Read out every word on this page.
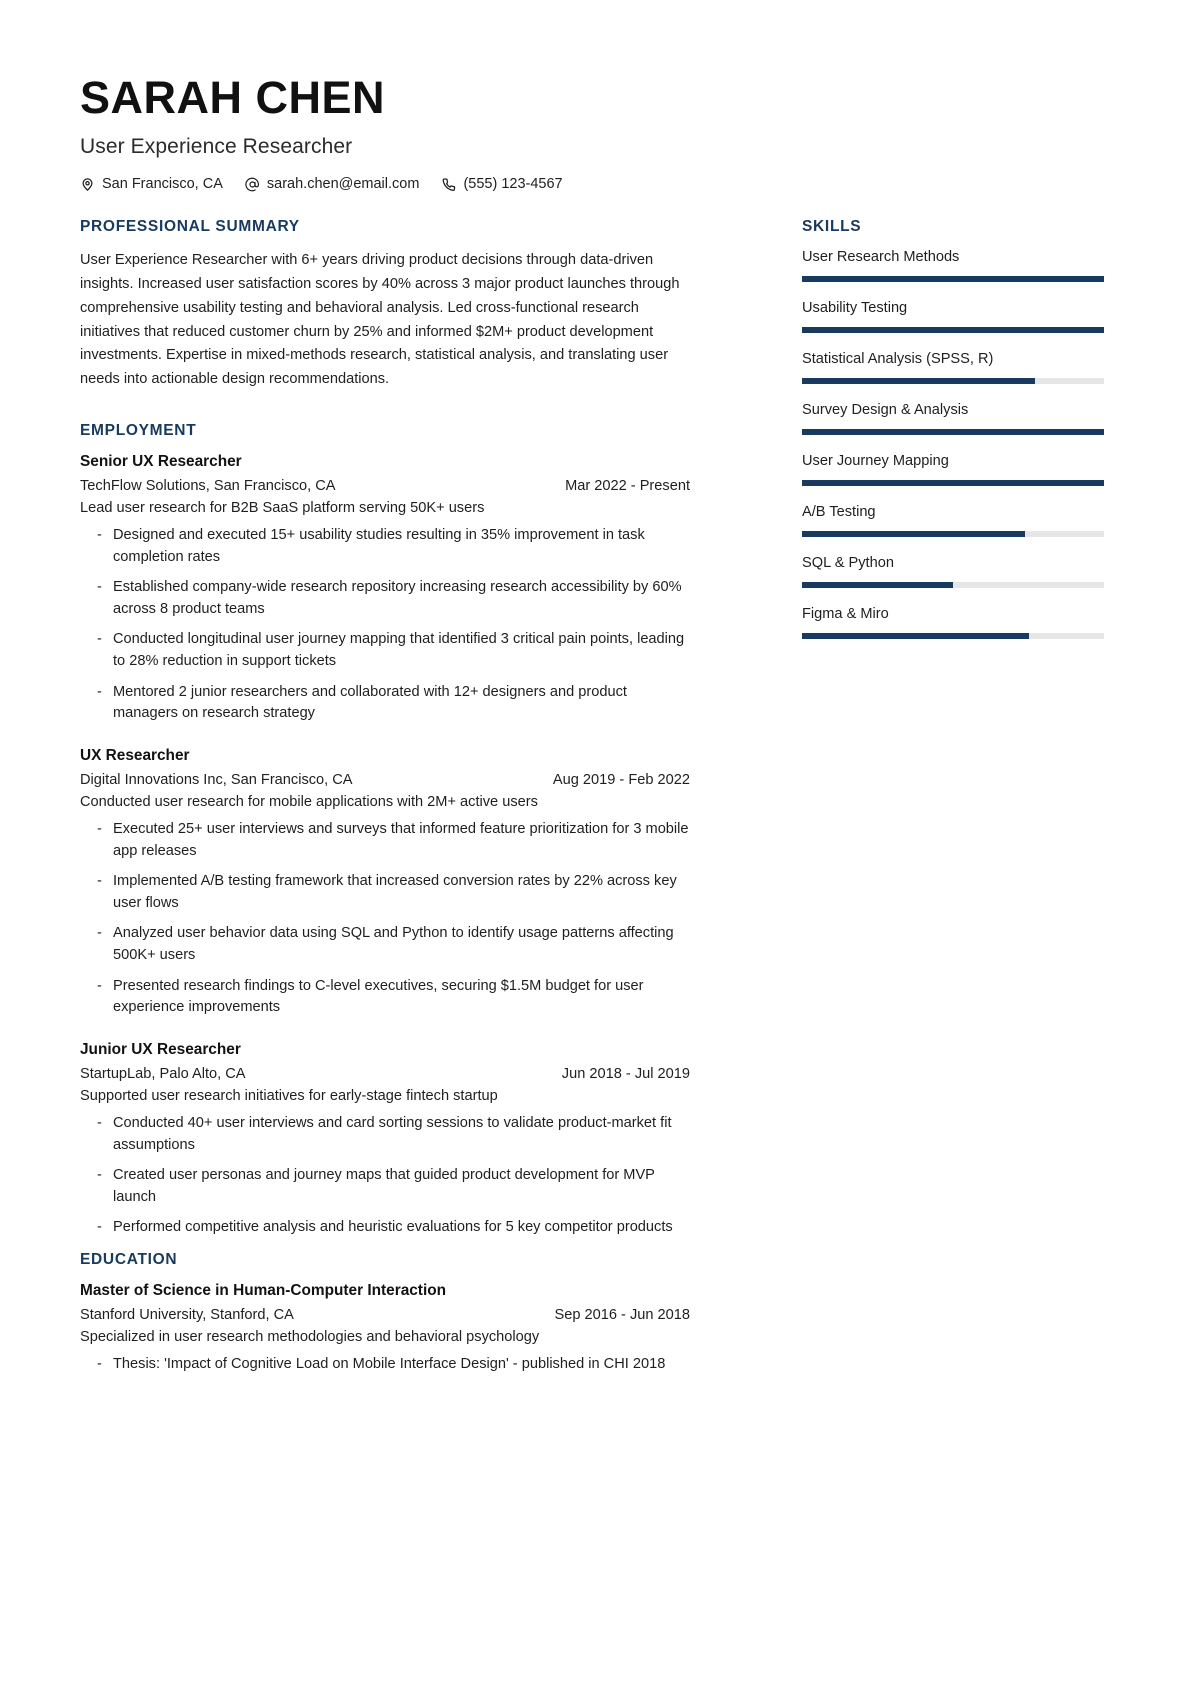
SARAH CHEN
User Experience Researcher
San Francisco, CA	sarah.chen@email.com	(555) 123-4567
PROFESSIONAL SUMMARY
User Experience Researcher with 6+ years driving product decisions through data-driven insights. Increased user satisfaction scores by 40% across 3 major product launches through comprehensive usability testing and behavioral analysis. Led cross-functional research initiatives that reduced customer churn by 25% and informed $2M+ product development investments. Expertise in mixed-methods research, statistical analysis, and translating user needs into actionable design recommendations.
EMPLOYMENT
Senior UX Researcher
TechFlow Solutions, San Francisco, CA	Mar 2022 - Present
Lead user research for B2B SaaS platform serving 50K+ users
- Designed and executed 15+ usability studies resulting in 35% improvement in task completion rates
- Established company-wide research repository increasing research accessibility by 60% across 8 product teams
- Conducted longitudinal user journey mapping that identified 3 critical pain points, leading to 28% reduction in support tickets
- Mentored 2 junior researchers and collaborated with 12+ designers and product managers on research strategy
UX Researcher
Digital Innovations Inc, San Francisco, CA	Aug 2019 - Feb 2022
Conducted user research for mobile applications with 2M+ active users
- Executed 25+ user interviews and surveys that informed feature prioritization for 3 mobile app releases
- Implemented A/B testing framework that increased conversion rates by 22% across key user flows
- Analyzed user behavior data using SQL and Python to identify usage patterns affecting 500K+ users
- Presented research findings to C-level executives, securing $1.5M budget for user experience improvements
Junior UX Researcher
StartupLab, Palo Alto, CA	Jun 2018 - Jul 2019
Supported user research initiatives for early-stage fintech startup
- Conducted 40+ user interviews and card sorting sessions to validate product-market fit assumptions
- Created user personas and journey maps that guided product development for MVP launch
- Performed competitive analysis and heuristic evaluations for 5 key competitor products
EDUCATION
Master of Science in Human-Computer Interaction
Stanford University, Stanford, CA	Sep 2016 - Jun 2018
Specialized in user research methodologies and behavioral psychology
- Thesis: 'Impact of Cognitive Load on Mobile Interface Design' - published in CHI 2018
SKILLS
User Research Methods
Usability Testing
Statistical Analysis (SPSS, R)
Survey Design & Analysis
User Journey Mapping
A/B Testing
SQL & Python
Figma & Miro
